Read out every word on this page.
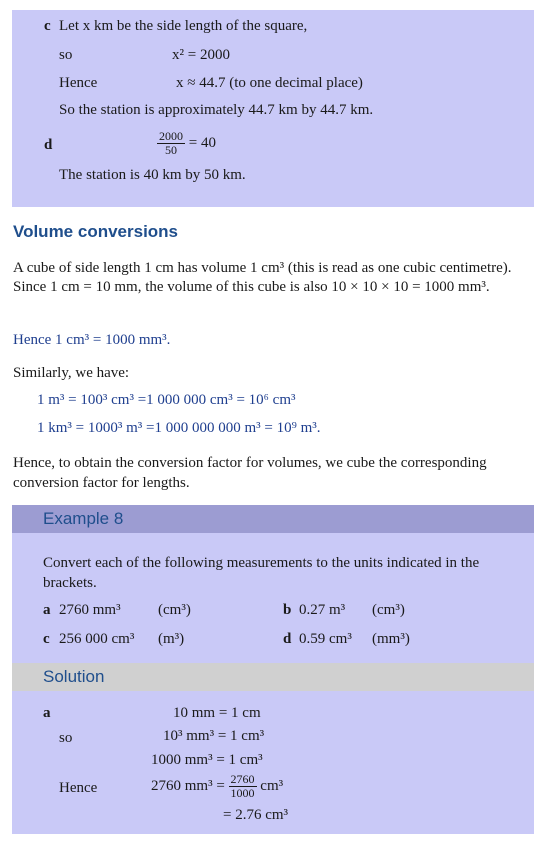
c Let x km be the side length of the square,
so	x² = 2000
Hence	x ≈ 44.7 (to one decimal place)
So the station is approximately 44.7 km by 44.7 km.
d	$\frac{2000}{50} = 40$
The station is 40 km by 50 km.
Volume conversions
A cube of side length 1 cm has volume 1 cm³ (this is read as one cubic centimetre). Since 1 cm = 10 mm, the volume of this cube is also 10 × 10 × 10 = 1000 mm³.
Hence 1 cm³ = 1000 mm³.
Similarly, we have:
1 m³ = 100³ cm³ =1 000 000 cm³ = 10⁶ cm³
1 km³ = 1000³ m³ =1 000 000 000 m³ = 10⁹ m³.
Hence, to obtain the conversion factor for volumes, we cube the corresponding conversion factor for lengths.
Example 8
Convert each of the following measurements to the units indicated in the brackets.
a 2760 mm³ (cm³)	b 0.27 m³ (cm³)
c 256 000 cm³ (m³)	d 0.59 cm³ (mm³)
Solution
a	10 mm = 1 cm
so	10³ mm³ = 1 cm³
1000 mm³ = 1 cm³
Hence	2760 $mm^3 = \frac{2760}{1000} cm^3$
= 2.76 cm³
